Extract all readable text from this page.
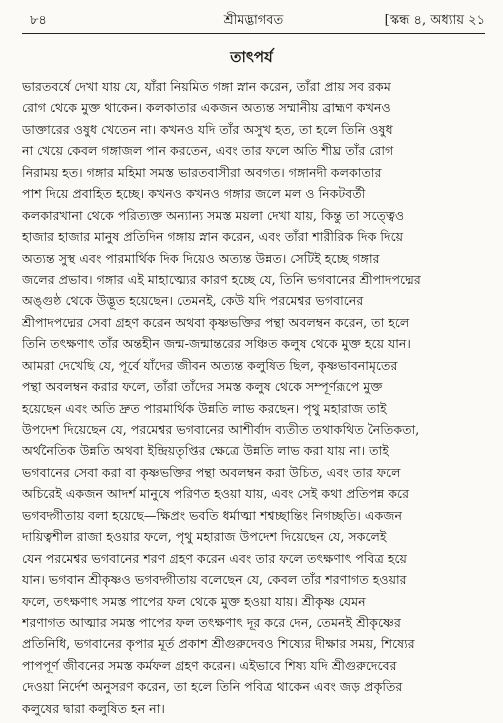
৮৪	শ্রীমদ্ভাগবত	[স্কন্ধ ৪, অধ্যায় ২১
তাৎপর্য
ভারতবর্ষে দেখা যায় যে, যাঁরা নিয়মিত গঙ্গা স্নান করেন, তাঁরা প্রায় সব রকম
রোগ থেকে মুক্ত থাকেন। কলকাতার একজন অত্যন্ত সম্মানীয় ব্রাহ্মণ কখনও
ডাক্তারের ওষুধ খেতেন না। কখনও যদি তাঁর অসুখ হত, তা হলে তিনি ওষুধ
না খেয়ে কেবল গঙ্গাজল পান করতেন, এবং তার ফলে অতি শীঘ্র তাঁর রোগ
নিরাময় হত। গঙ্গার মহিমা সমস্ত ভারতবাসীরা অবগত। গঙ্গানদী কলকাতার
পাশ দিয়ে প্রবাহিত হচ্ছে। কখনও কখনও গঙ্গার জলে মল ও নিকটবর্তী
কলকারখানা থেকে পরিত্যক্ত অন্যান্য সমস্ত ময়লা দেখা যায়, কিন্তু তা সত্ত্বেও
হাজার হাজার মানুষ প্রতিদিন গঙ্গায় স্নান করেন, এবং তাঁরা শারীরিক দিক দিয়ে
অত্যন্ত সুস্থ এবং পারমার্থিক দিক দিয়েও অত্যন্ত উন্নত। সেটিই হচ্ছে গঙ্গার
জলের প্রভাব। গঙ্গার এই মাহাত্ম্যের কারণ হচ্ছে যে, তিনি ভগবানের শ্রীপাদপদ্মের
অঙ্গুষ্ঠ থেকে উদ্ভূত হয়েছেন। তেমনই, কেউ যদি পরমেশ্বর ভগবানের
শ্রীপাদপদ্মের সেবা গ্রহণ করেন অথবা কৃষ্ণভক্তির পন্থা অবলম্বন করেন, তা হলে
তিনি তৎক্ষণাৎ তাঁর অন্তহীন জন্ম-জন্মান্তরের সঞ্চিত কলুষ থেকে মুক্ত হয়ে যান।
আমরা দেখেছি যে, পূর্বে যাঁদের জীবন অত্যন্ত কলুষিত ছিল, কৃষ্ণভাবনামৃতের
পন্থা অবলম্বন করার ফলে, তাঁরা তাঁদের সমস্ত কলুষ থেকে সম্পূর্ণরূপে মুক্ত
হয়েছেন এবং অতি দ্রুত পারমার্থিক উন্নতি লাভ করছেন। পৃথু মহারাজ তাই
উপদেশ দিয়েছেন যে, পরমেশ্বর ভগবানের আশীর্বাদ ব্যতীত তথাকথিত নৈতিকতা,
অর্থনৈতিক উন্নতি অথবা ইন্দ্রিয়তৃপ্তির ক্ষেত্রে উন্নতি লাভ করা যায় না। তাই
ভগবানের সেবা করা বা কৃষ্ণভক্তির পন্থা অবলম্বন করা উচিত, এবং তার ফলে
অচিরেই একজন আদর্শ মানুষে পরিণত হওয়া যায়, এবং সেই কথা প্রতিপন্ন করে
ভগবদ্গীতায় বলা হয়েছে—ক্ষিপ্রং ভবতি ধর্মাত্মা শশ্বচ্ছান্তিং নিগচ্ছতি। একজন
দায়িত্বশীল রাজা হওয়ার ফলে, পৃথু মহারাজ উপদেশ দিয়েছেন যে, সকলেই
যেন পরমেশ্বর ভগবানের শরণ গ্রহণ করেন এবং তার ফলে তৎক্ষণাৎ পবিত্র হয়ে
যান। ভগবান শ্রীকৃষ্ণও ভগবদ্গীতায় বলেছেন যে, কেবল তাঁর শরণাগত হওয়ার
ফলে, তৎক্ষণাৎ সমস্ত পাপের ফল থেকে মুক্ত হওয়া যায়। শ্রীকৃষ্ণ যেমন
শরণাগত আত্মার সমস্ত পাপের ফল তৎক্ষণাৎ দূর করে দেন, তেমনই শ্রীকৃষ্ণের
প্রতিনিধি, ভগবানের কৃপার মূর্ত প্রকাশ শ্রীগুরুদেবও শিষ্যের দীক্ষার সময়, শিষ্যের
পাপপূর্ণ জীবনের সমস্ত কর্মফল গ্রহণ করেন। এইভাবে শিষ্য যদি শ্রীগুরুদেবের
দেওয়া নির্দেশ অনুসরণ করেন, তা হলে তিনি পবিত্র থাকেন এবং জড় প্রকৃতির
কলুষের দ্বারা কলুষিত হন না।
